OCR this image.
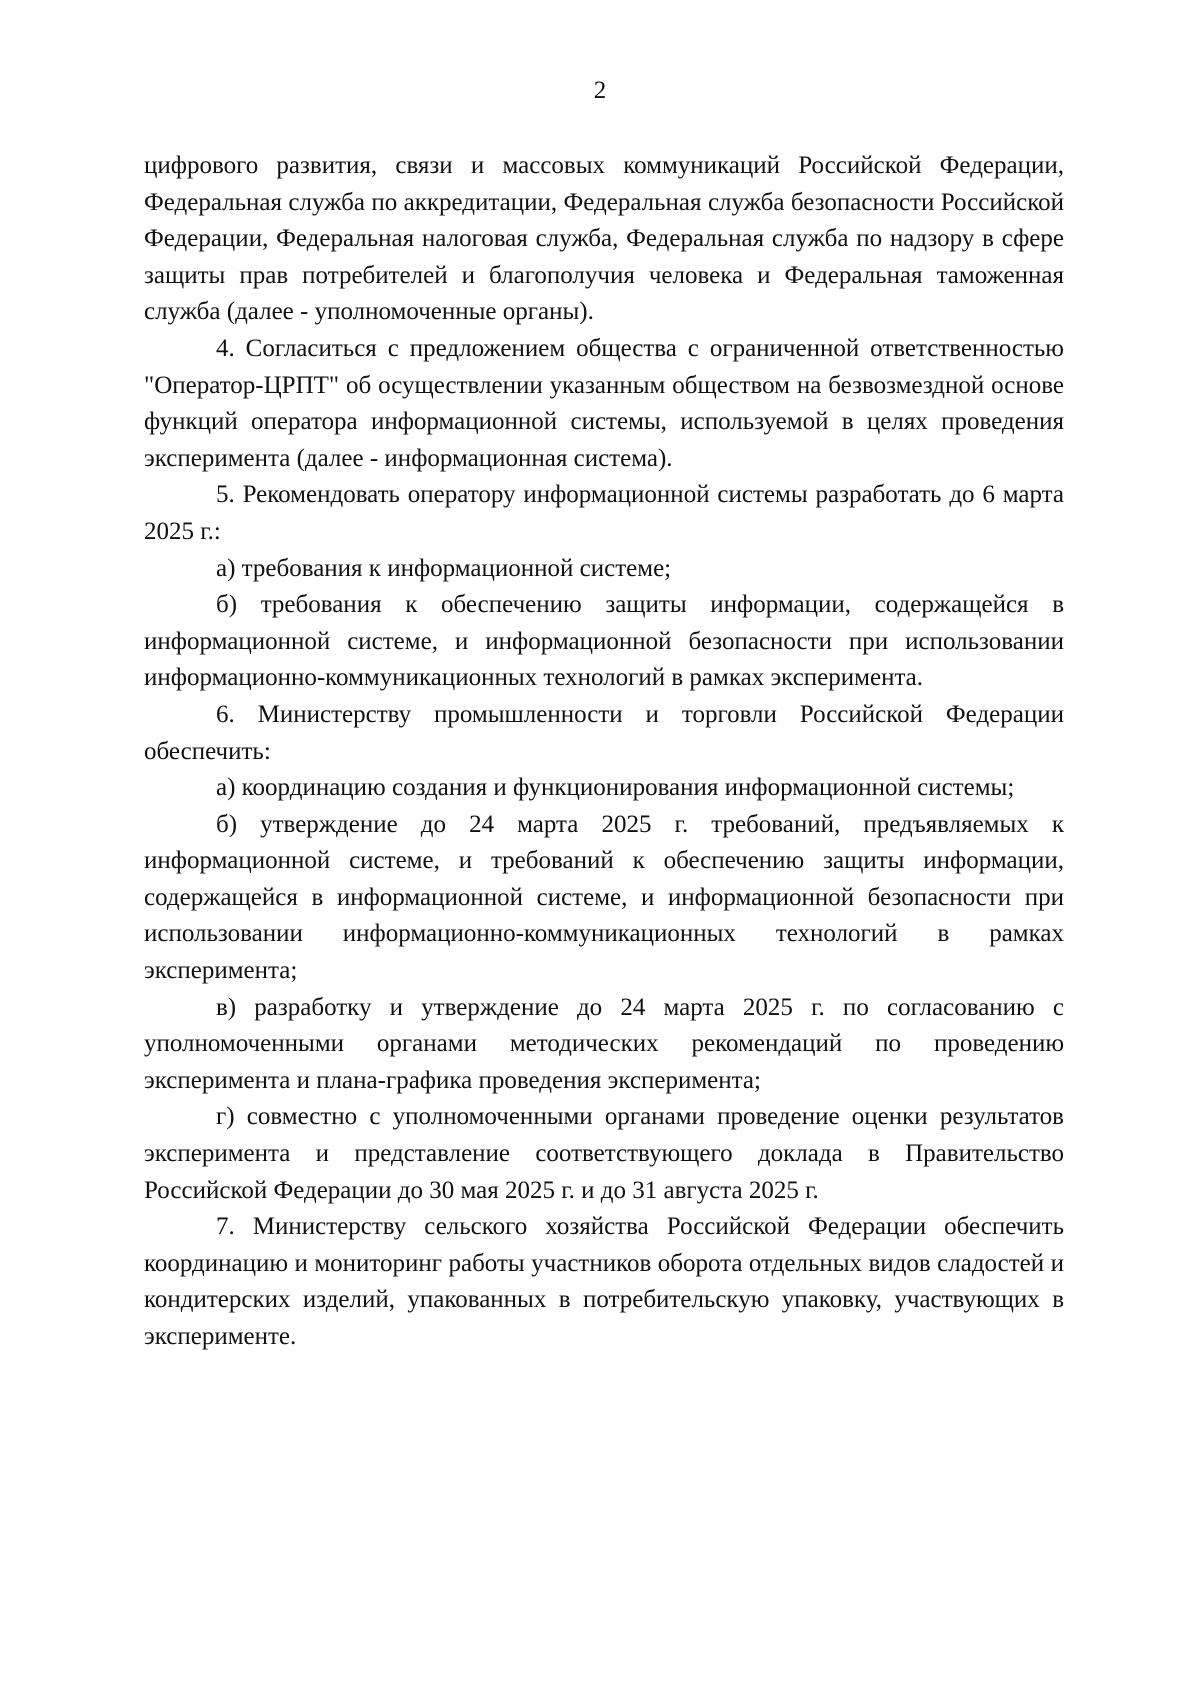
2

цифрового развития, связи и массовых коммуникаций Российской Федерации, Федеральная служба по аккредитации, Федеральная служба безопасности Российской Федерации, Федеральная налоговая служба, Федеральная служба по надзору в сфере защиты прав потребителей и благополучия человека и Федеральная таможенная служба (далее - уполномоченные органы).

4. Согласиться с предложением общества с ограниченной ответственностью "Оператор-ЦРПТ" об осуществлении указанным обществом на безвозмездной основе функций оператора информационной системы, используемой в целях проведения эксперимента (далее - информационная система).

5. Рекомендовать оператору информационной системы разработать до 6 марта 2025 г.:

а) требования к информационной системе;

б) требования к обеспечению защиты информации, содержащейся в информационной системе, и информационной безопасности при использовании информационно-коммуникационных технологий в рамках эксперимента.

6. Министерству промышленности и торговли Российской Федерации обеспечить:

а) координацию создания и функционирования информационной системы;

б) утверждение до 24 марта 2025 г. требований, предъявляемых к информационной системе, и требований к обеспечению защиты информации, содержащейся в информационной системе, и информационной безопасности при использовании информационно-коммуникационных технологий в рамках эксперимента;

в) разработку и утверждение до 24 марта 2025 г. по согласованию с уполномоченными органами методических рекомендаций по проведению эксперимента и плана-графика проведения эксперимента;

г) совместно с уполномоченными органами проведение оценки результатов эксперимента и представление соответствующего доклада в Правительство Российской Федерации до 30 мая 2025 г. и до 31 августа 2025 г.

7. Министерству сельского хозяйства Российской Федерации обеспечить координацию и мониторинг работы участников оборота отдельных видов сладостей и кондитерских изделий, упакованных в потребительскую упаковку, участвующих в эксперименте.
